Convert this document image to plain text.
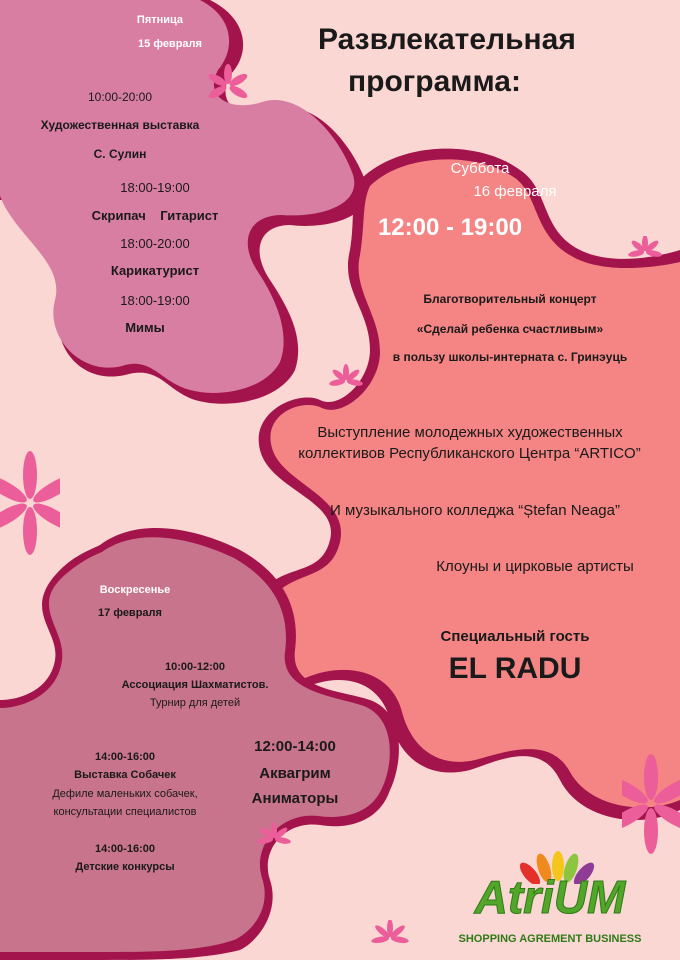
Развлекательная
программа:
Пятница
15 февраля
10:00-20:00
Художественная выставка
С. Сулин
18:00-19:00
Скрипач    Гитарист
18:00-20:00
Карикатурист
18:00-19:00
Мимы
Суббота
16 февраля
12:00 - 19:00
Благотворительный концерт
«Сделай ребенка счастливым»
в пользу школы-интерната с. Гринэуць
Выступление молодежных художественных
коллективов Республиканского Центра “ARTICO”
И музыкального колледжа “Ștefan Neaga”
Клоуны и цирковые артисты
Специальный гость
EL RADU
Воскресенье
17 февраля
10:00-12:00
Ассоциация Шахматистов.
Турнир для детей
14:00-16:00
Выставка Собачек
Дефиле маленьких собачек,
консультации специалистов
14:00-16:00
Детские конкурсы
12:00-14:00
Аквагрим
Аниматоры
AtriUM
SHOPPING AGREMENT BUSINESS
